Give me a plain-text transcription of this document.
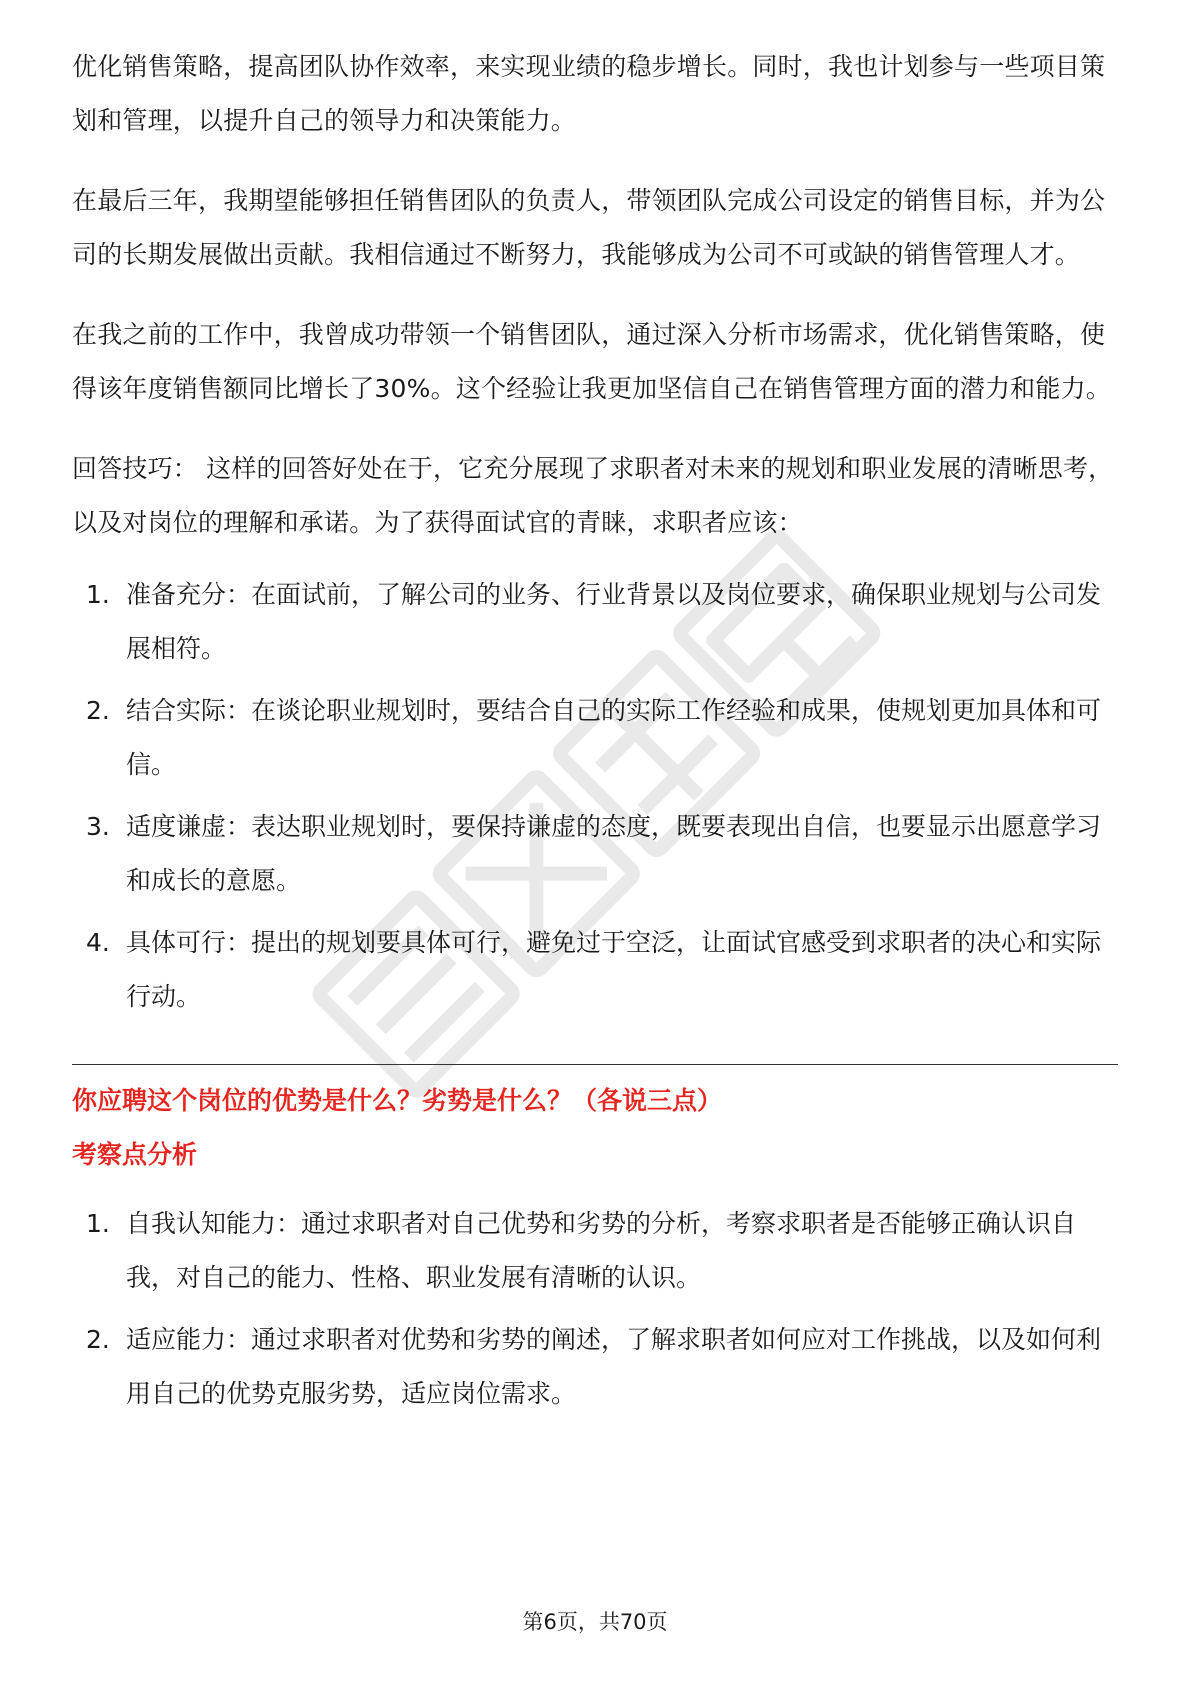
优化销售策略，提高团队协作效率，来实现业绩的稳步增长。同时，我也计划参与一些项目策划和管理，以提升自己的领导力和决策能力。

在最后三年，我期望能够担任销售团队的负责人，带领团队完成公司设定的销售目标，并为公司的长期发展做出贡献。我相信通过不断努力，我能够成为公司不可或缺的销售管理人才。

在我之前的工作中，我曾成功带领一个销售团队，通过深入分析市场需求，优化销售策略，使得该年度销售额同比增长了30%。这个经验让我更加坚信自己在销售管理方面的潜力和能力。

回答技巧： 这样的回答好处在于，它充分展现了求职者对未来的规划和职业发展的清晰思考，以及对岗位的理解和承诺。为了获得面试官的青睐，求职者应该：

1. 准备充分：在面试前，了解公司的业务、行业背景以及岗位要求，确保职业规划与公司发展相符。
2. 结合实际：在谈论职业规划时，要结合自己的实际工作经验和成果，使规划更加具体和可信。
3. 适度谦虚：表达职业规划时，要保持谦虚的态度，既要表现出自信，也要显示出愿意学习和成长的意愿。
4. 具体可行：提出的规划要具体可行，避免过于空泛，让面试官感受到求职者的决心和实际行动。
你应聘这个岗位的优势是什么？劣势是什么？（各说三点）
考察点分析
1. 自我认知能力：通过求职者对自己优势和劣势的分析，考察求职者是否能够正确认识自我，对自己的能力、性格、职业发展有清晰的认识。
2. 适应能力：通过求职者对优势和劣势的阐述，了解求职者如何应对工作挑战，以及如何利用自己的优势克服劣势，适应岗位需求。
第6页，共70页
